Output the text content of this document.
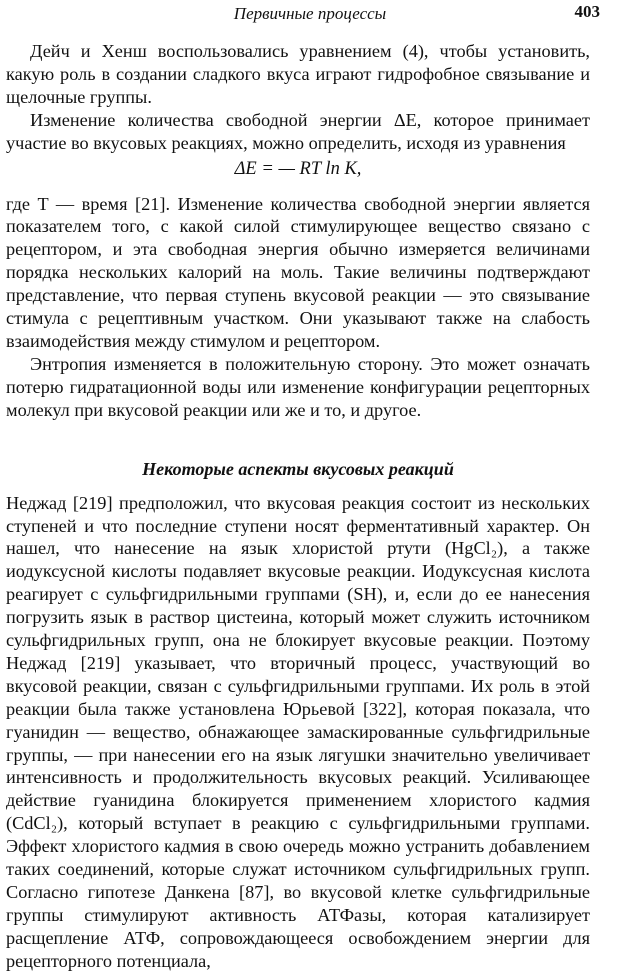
Первичные процессы	403

Дейч и Хенш воспользовались уравнением (4), чтобы установить, какую роль в создании сладкого вкуса играют гидрофобное связывание и щелочные группы.

Изменение количества свободной энергии ΔE, которое принимает участие во вкусовых реакциях, можно определить, исходя из уравнения

ΔE = — RT ln K,

где T — время [21]. Изменение количества свободной энергии является показателем того, с какой силой стимулирующее вещество связано с рецептором, и эта свободная энергия обычно измеряется величинами порядка нескольких калорий на моль. Такие величины подтверждают представление, что первая ступень вкусовой реакции — это связывание стимула с рецептивным участком. Они указывают также на слабость взаимодействия между стимулом и рецептором.

Энтропия изменяется в положительную сторону. Это может означать потерю гидратационной воды или изменение конфигурации рецепторных молекул при вкусовой реакции или же и то, и другое.

Некоторые аспекты вкусовых реакций

Неджад [219] предположил, что вкусовая реакция состоит из нескольких ступеней и что последние ступени носят ферментативный характер. Он нашел, что нанесение на язык хлористой ртути (HgCl₂), а также иодуксусной кислоты подавляет вкусовые реакции. Иодуксусная кислота реагирует с сульфгидрильными группами (SH), и, если до ее нанесения погрузить язык в раствор цистеина, который может служить источником сульфгидрильных групп, она не блокирует вкусовые реакции. Поэтому Неджад [219] указывает, что вторичный процесс, участвующий во вкусовой реакции, связан с сульфгидрильными группами. Их роль в этой реакции была также установлена Юрьевой [322], которая показала, что гуанидин — вещество, обнажающее замаскированные сульфгидрильные группы, — при нанесении его на язык лягушки значительно увеличивает интенсивность и продолжительность вкусовых реакций. Усиливающее действие гуанидина блокируется применением хлористого кадмия (CdCl₂), который вступает в реакцию с сульфгидрильными группами. Эффект хлористого кадмия в свою очередь можно устранить добавлением таких соединений, которые служат источником сульфгидрильных групп. Согласно гипотезе Данкена [87], во вкусовой клетке сульфгидрильные группы стимулируют активность АТФазы, которая катализирует расщепление АТФ, сопровождающееся освобождением энергии для рецепторного потенциала,
